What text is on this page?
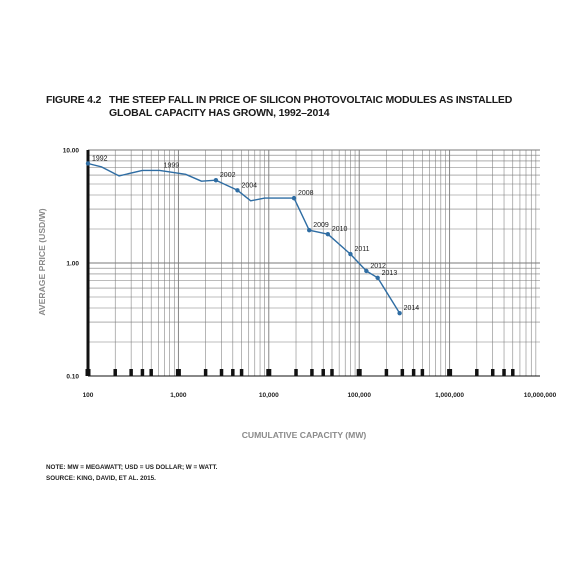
FIGURE 4.2 THE STEEP FALL IN PRICE OF SILICON PHOTOVOLTAIC MODULES AS INSTALLED GLOBAL CAPACITY HAS GROWN, 1992–2014
100	1,000	10,000	100,000	1,000,000	10,000,000
0.10
1.00
10.00
1992
1999
2002
2004
2008
2009
2010
2011
2012
2013
2014
AVERAGE PRICE (USD/W)
CUMULATIVE CAPACITY (MW)
NOTE: MW = MEGAWATT; USD = US DOLLAR; W = WATT.
SOURCE: KING, DAVID, ET AL. 2015.
